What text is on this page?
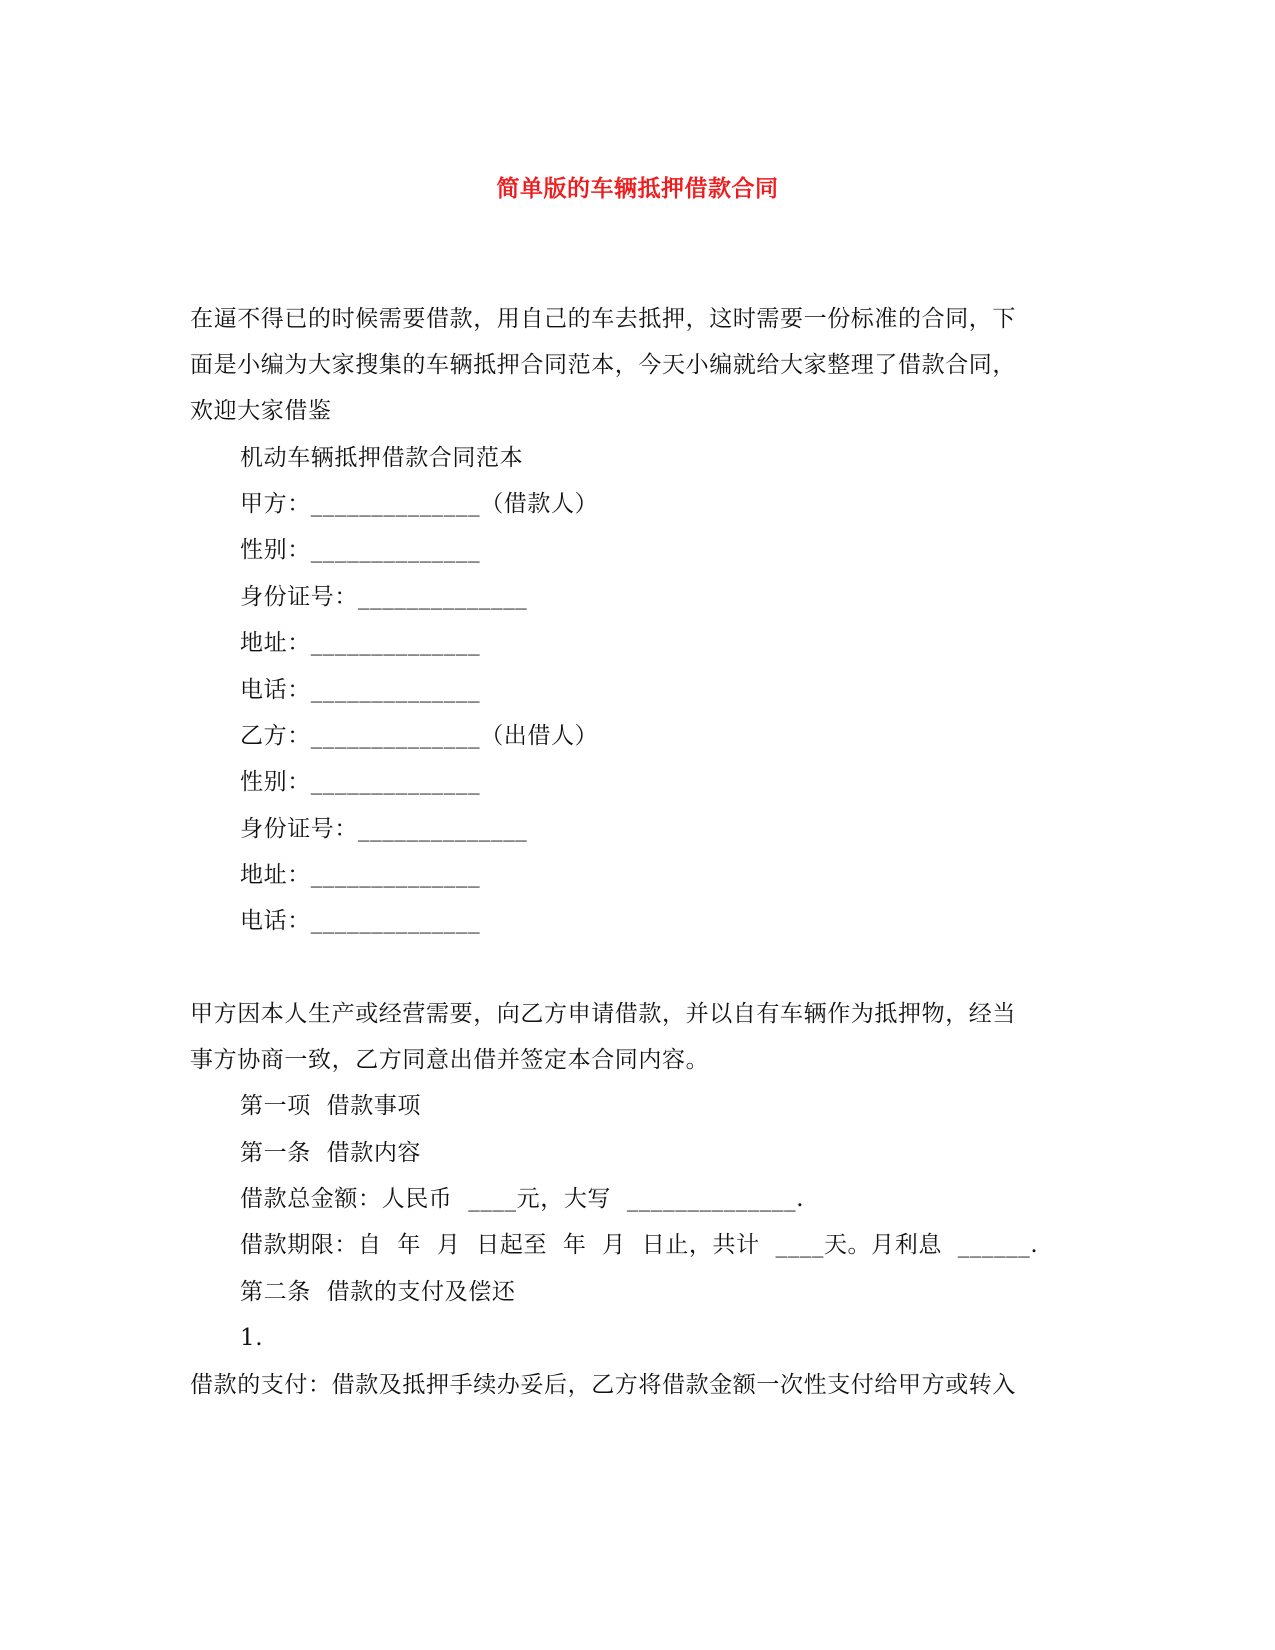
简单版的车辆抵押借款合同
在逼不得已的时候需要借款，用自己的车去抵押，这时需要一份标准的合同，下
面是小编为大家搜集的车辆抵押合同范本，今天小编就给大家整理了借款合同，
欢迎大家借鉴
机动车辆抵押借款合同范本
甲方：______________（借款人）
性别：______________
身份证号：______________
地址：______________
电话：______________
乙方：______________（出借人）
性别：______________
身份证号：______________
地址：______________
电话：______________
甲方因本人生产或经营需要，向乙方申请借款，并以自有车辆作为抵押物，经当
事方协商一致，乙方同意出借并签定本合同内容。
第一项  借款事项
第一条  借款内容
借款总金额：人民币  ____元，大写  ______________.
借款期限：自  年  月  日起至  年  月  日止，共计  ____天。月利息  ______.
第二条  借款的支付及偿还
1.
借款的支付：借款及抵押手续办妥后，乙方将借款金额一次性支付给甲方或转入
